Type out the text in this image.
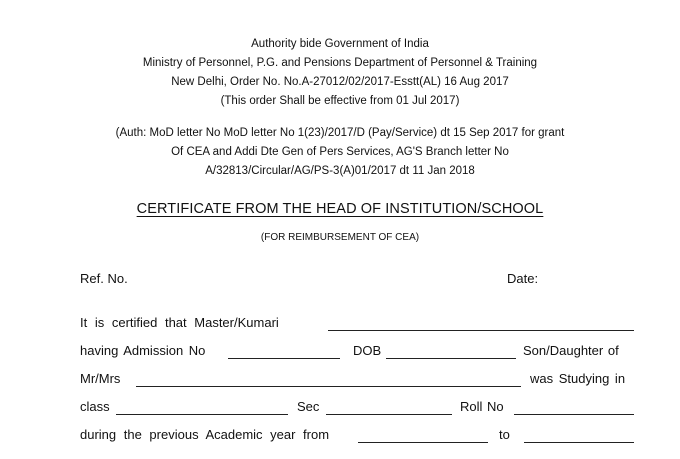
Authority bide Government of India
Ministry of Personnel, P.G. and Pensions Department of Personnel & Training
New Delhi, Order No. No.A-27012/02/2017-Esstt(AL) 16 Aug 2017
(This order Shall be effective from 01 Jul 2017)
(Auth: MoD letter No MoD letter No 1(23)/2017/D (Pay/Service) dt 15 Sep 2017 for grant
Of CEA and Addi Dte Gen of Pers Services, AG'S Branch letter No
A/32813/Circular/AG/PS-3(A)01/2017 dt 11 Jan 2018
CERTIFICATE FROM THE HEAD OF INSTITUTION/SCHOOL
(FOR REIMBURSEMENT OF CEA)
Ref. No.	Date:
It is certified that Master/Kumari
having Admission No	DOB	Son/Daughter of
Mr/Mrs	was Studying in
class	Sec	Roll No
during the previous Academic year from	to
